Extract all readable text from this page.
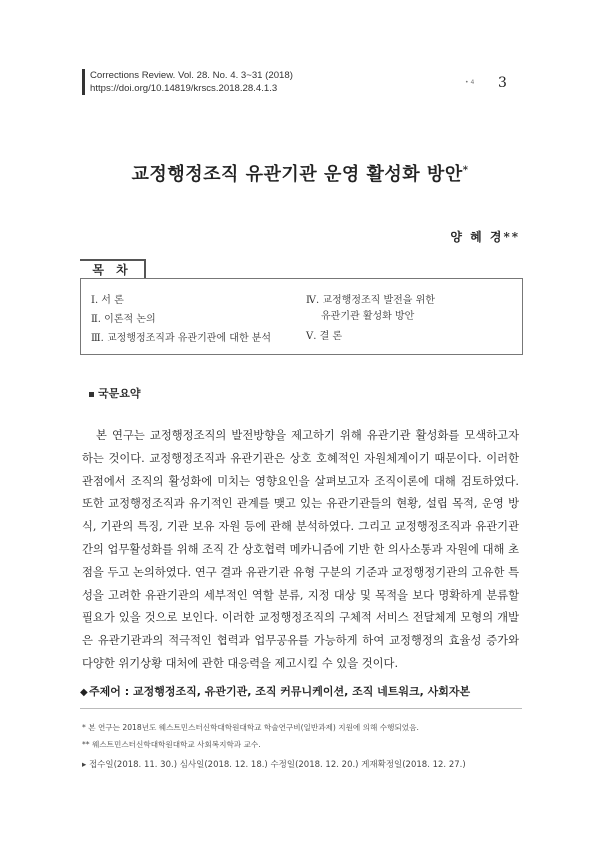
Corrections Review. Vol. 28. No. 4. 3~31 (2018)
https://doi.org/10.14819/krscs.2018.28.4.1.3
• 4 3
교정행정조직 유관기관 운영 활성화 방안*
양 혜 경**
목 차
Ⅰ. 서 론
Ⅱ. 이론적 논의
Ⅲ. 교정행정조직과 유관기관에 대한 분석
Ⅳ. 교정행정조직 발전을 위한
유관기관 활성화 방안
Ⅴ. 결 론
국문요약

본 연구는 교정행정조직의 발전방향을 제고하기 위해 유관기관 활성화를 모색하고자 하는 것이다. 교정행정조직과 유관기관은 상호 호혜적인 자원체계이기 때문이다. 이러한 관점에서 조직의 활성화에 미치는 영향요인을 살펴보고자 조직이론에 대해 검토하였다. 또한 교정행정조직과 유기적인 관계를 맺고 있는 유관기관들의 현황, 설립 목적, 운영 방식, 기관의 특징, 기관 보유 자원 등에 관해 분석하였다. 그리고 교정행정조직과 유관기관간의 업무활성화를 위해 조직 간 상호협력 메카니즘에 기반 한 의사소통과 자원에 대해 초점을 두고 논의하였다. 연구 결과 유관기관 유형 구분의 기준과 교정행정기관의 고유한 특성을 고려한 유관기관의 세부적인 역할 분류, 지정 대상 및 목적을 보다 명확하게 분류할 필요가 있을 것으로 보인다. 이러한 교정행정조직의 구체적 서비스 전달체계 모형의 개발은 유관기관과의 적극적인 협력과 업무공유를 가능하게 하여 교정행정의 효율성 증가와 다양한 위기상황 대처에 관한 대응력을 제고시킬 수 있을 것이다.

◆주제어 : 교정행정조직, 유관기관, 조직 커뮤니케이션, 조직 네트워크, 사회자본
* 본 연구는 2018년도 웨스트민스터신학대학원대학교 학술연구비(일반과제) 지원에 의해 수행되었음.
** 웨스트민스터신학대학원대학교 사회복지학과 교수.
▸ 접수일(2018. 11. 30.) 심사일(2018. 12. 18.) 수정일(2018. 12. 20.) 게재확정일(2018. 12. 27.)
